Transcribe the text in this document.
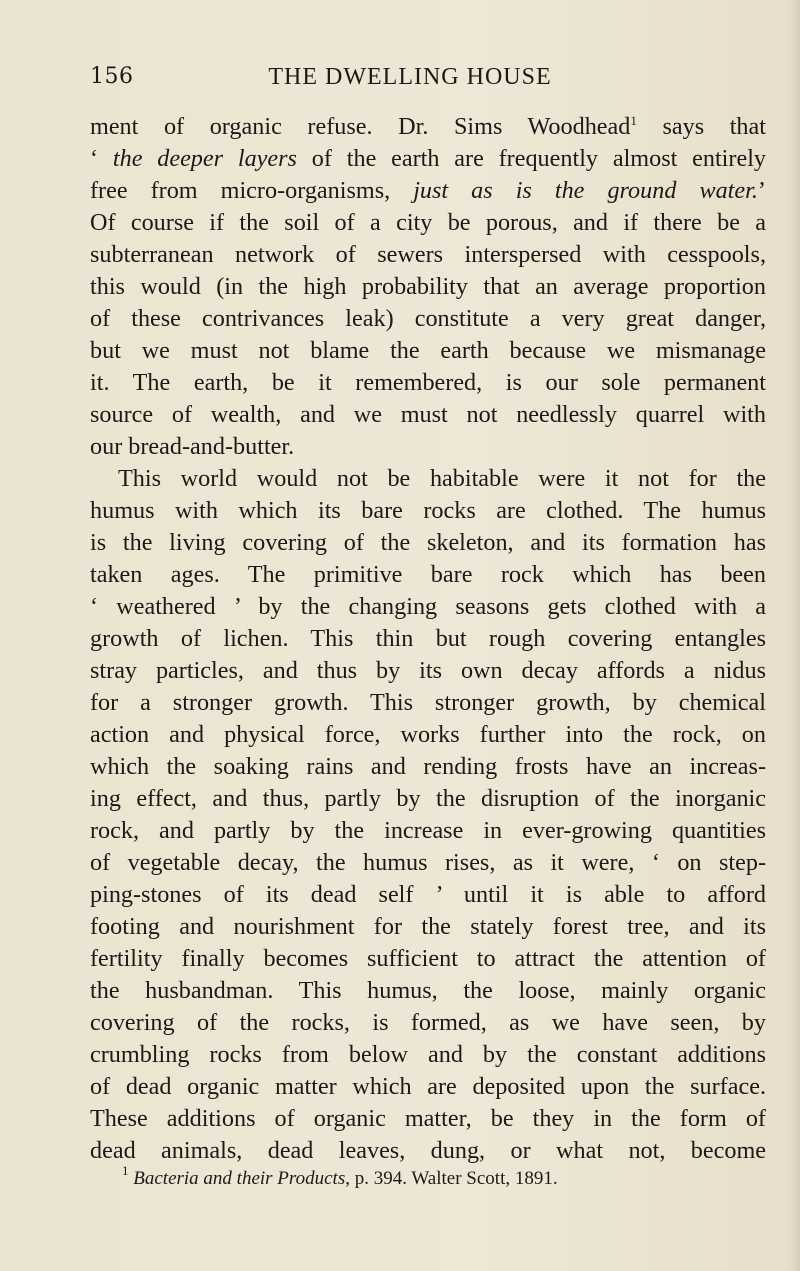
156	THE DWELLING HOUSE
ment of organic refuse. Dr. Sims Woodhead$^1$ says that
‘ the deeper layers of the earth are frequently almost entirely
free from micro-organisms, just as is the ground water.’
Of course if the soil of a city be porous, and if there be a
subterranean network of sewers interspersed with cesspools,
this would (in the high probability that an average proportion
of these contrivances leak) constitute a very great danger,
but we must not blame the earth because we mismanage
it. The earth, be it remembered, is our sole permanent
source of wealth, and we must not needlessly quarrel with
our bread-and-butter.
This world would not be habitable were it not for the
humus with which its bare rocks are clothed. The humus
is the living covering of the skeleton, and its formation has
taken ages. The primitive bare rock which has been
‘ weathered ’ by the changing seasons gets clothed with a
growth of lichen. This thin but rough covering entangles
stray particles, and thus by its own decay affords a nidus
for a stronger growth. This stronger growth, by chemical
action and physical force, works further into the rock, on
which the soaking rains and rending frosts have an increas-
ing effect, and thus, partly by the disruption of the inorganic
rock, and partly by the increase in ever-growing quantities
of vegetable decay, the humus rises, as it were, ‘ on step-
ping-stones of its dead self ’ until it is able to afford
footing and nourishment for the stately forest tree, and its
fertility finally becomes sufficient to attract the attention of
the husbandman. This humus, the loose, mainly organic
covering of the rocks, is formed, as we have seen, by
crumbling rocks from below and by the constant additions
of dead organic matter which are deposited upon the surface.
These additions of organic matter, be they in the form of
dead animals, dead leaves, dung, or what not, become
$^1$ Bacteria and their Products, p. 394. Walter Scott, 1891.
